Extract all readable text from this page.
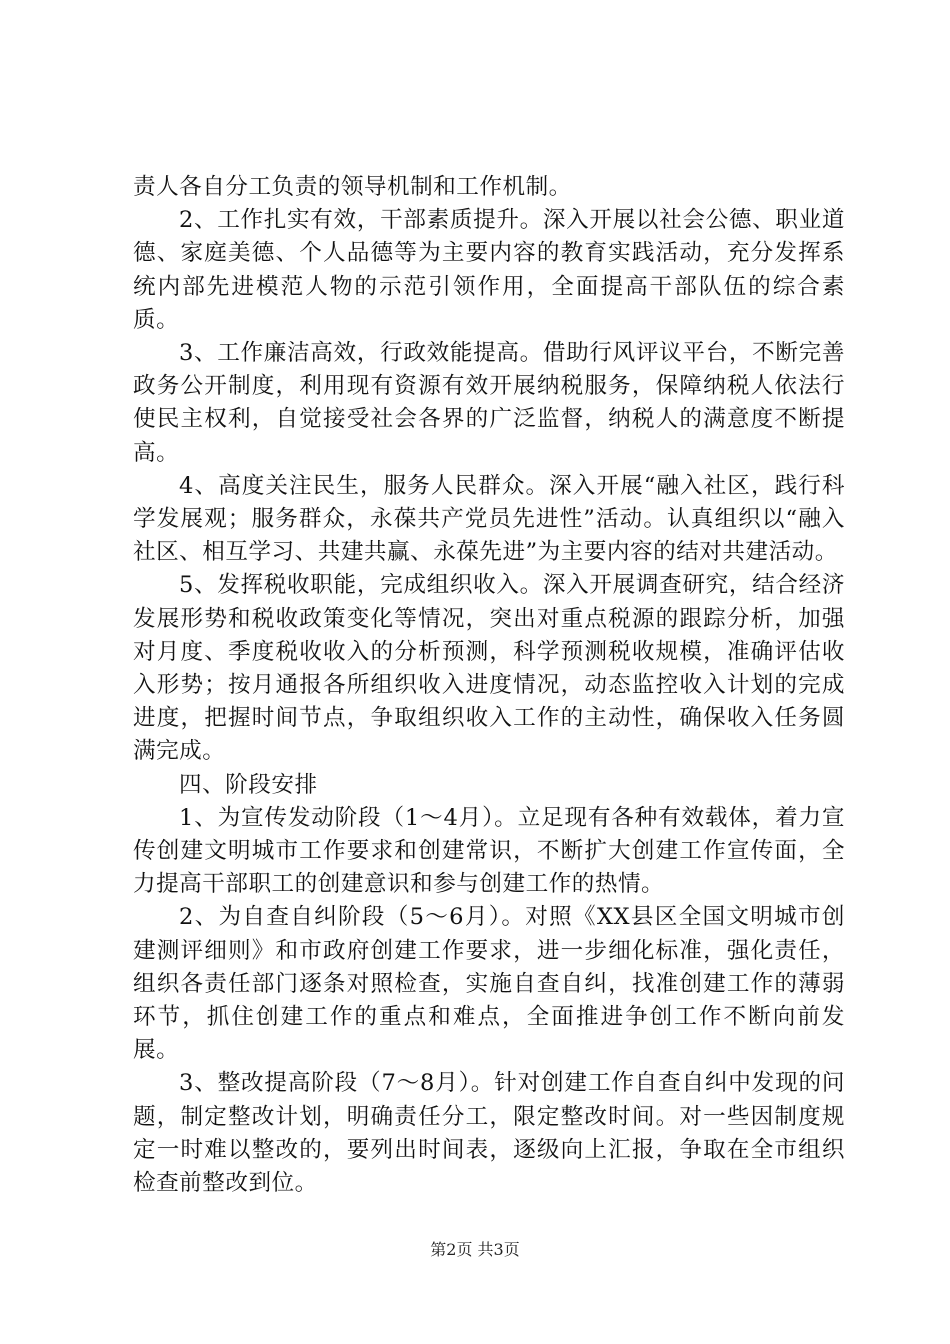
责人各自分工负责的领导机制和工作机制。

2、工作扎实有效，干部素质提升。深入开展以社会公德、职业道德、家庭美德、个人品德等为主要内容的教育实践活动，充分发挥系统内部先进模范人物的示范引领作用，全面提高干部队伍的综合素质。

3、工作廉洁高效，行政效能提高。借助行风评议平台，不断完善政务公开制度，利用现有资源有效开展纳税服务，保障纳税人依法行使民主权利，自觉接受社会各界的广泛监督，纳税人的满意度不断提高。

4、高度关注民生，服务人民群众。深入开展“融入社区，践行科学发展观；服务群众，永葆共产党员先进性”活动。认真组织以“融入社区、相互学习、共建共赢、永葆先进”为主要内容的结对共建活动。

5、发挥税收职能，完成组织收入。深入开展调查研究，结合经济发展形势和税收政策变化等情况，突出对重点税源的跟踪分析，加强对月度、季度税收收入的分析预测，科学预测税收规模，准确评估收入形势；按月通报各所组织收入进度情况，动态监控收入计划的完成进度，把握时间节点，争取组织收入工作的主动性，确保收入任务圆满完成。

四、阶段安排

1、为宣传发动阶段（1～4月）。立足现有各种有效载体，着力宣传创建文明城市工作要求和创建常识，不断扩大创建工作宣传面，全力提高干部职工的创建意识和参与创建工作的热情。

2、为自查自纠阶段（5～6月）。对照《XX县区全国文明城市创建测评细则》和市政府创建工作要求，进一步细化标准，强化责任，组织各责任部门逐条对照检查，实施自查自纠，找准创建工作的薄弱环节，抓住创建工作的重点和难点，全面推进争创工作不断向前发展。

3、整改提高阶段（7～8月）。针对创建工作自查自纠中发现的问题，制定整改计划，明确责任分工，限定整改时间。对一些因制度规定一时难以整改的，要列出时间表，逐级向上汇报，争取在全市组织检查前整改到位。

第2页 共3页
